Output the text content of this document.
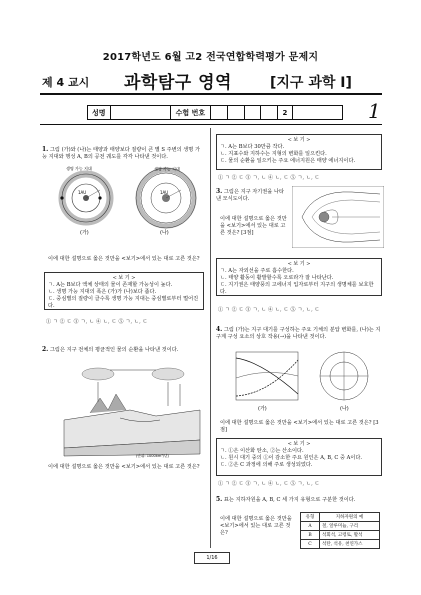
2017학년도 6월 고2 전국연합학력평가 문제지
제 4 교시 과학탐구 영역	[지구 과학 Ⅰ]
성명	수험 번호	2	1
1. 그림 (가)와 (나)는 태양과 태양보다 질량이 큰 별 S 주변의 생명 가능 지대와 행성 A, B의 공전 궤도를 각각 나타낸 것이다.
1AU
생명 가능 지대
(가)
1AU
생명 가능 지대
(나)
이에 대한 설명으로 옳은 것만을 <보기>에서 있는 대로 고른 것은?
< 보 기 >
ㄱ. A는 B보다 액체 상태의 물이 존재할 가능성이 높다.
ㄴ. 생명 가능 지대의 폭은 (가)가 (나)보다 좁다.
ㄷ. 중심별의 질량이 클수록 생명 가능 지대는 중심별로부터 멀어진다.
① ㄱ ② ㄷ ③ ㄱ, ㄴ ④ ㄴ, ㄷ ⑤ ㄱ, ㄴ, ㄷ
2. 그림은 지구 전체의 평균적인 물의 순환을 나타낸 것이다.
(단위: 1000km³/년)
이에 대한 설명으로 옳은 것만을 <보기>에서 있는 대로 고른 것은?
< 보 기 >
ㄱ. A는 B보다 30만큼 작다.
ㄴ. 지표수와 지하수는 지형의 변화를 일으킨다.
ㄷ. 물의 순환을 일으키는 주요 에너지원은 태양 에너지이다.
① ㄱ ② ㄷ ③ ㄱ, ㄴ ④ ㄴ, ㄷ ⑤ ㄱ, ㄴ, ㄷ
3. 그림은 지구 자기권을 나타낸 모식도이다.
이에 대한 설명으로 옳은 것만을 <보기>에서 있는 대로 고른 것은? [3점]
< 보 기 >
ㄱ. A는 자외선을 주로 흡수한다.
ㄴ. 태양 활동이 활발할수록 오로라가 잘 나타난다.
ㄷ. 지기권은 태양풍의 고에너지 입자로부터 지구의 생명체를 보호한다.
① ㄱ ② ㄷ ③ ㄱ, ㄴ ④ ㄴ, ㄷ ⑤ ㄱ, ㄴ, ㄷ
4. 그림 (가)는 지구 대기를 구성하는 주요 기체의 분압 변화를, (나)는 지구계 구성 요소의 상호 작용(→)을 나타낸 것이다.
(가)	(나)
이에 대한 설명으로 옳은 것만을 <보기>에서 있는 대로 고른 것은? [3점]
< 보 기 >
ㄱ. ①은 이산화 탄소, ②는 산소이다.
ㄴ. 원시 대기 중의 ①이 감소한 주요 원인은 A, B, C 중 A이다.
ㄷ. ②은 C 과정에 의해 주로 생성되었다.
① ㄱ ② ㄷ ③ ㄱ, ㄴ ④ ㄴ, ㄷ ⑤ ㄱ, ㄴ, ㄷ
5. 표는 지하자원을 A, B, C 세 가지 유형으로 구분한 것이다.
이에 대한 설명으로 옳은 것만을 <보기>에서 있는 대로 고른 것은?
유형	지하자원의 예
A	철, 알루미늄, 구리
B	석회석, 고령토, 활석
C	석탄, 석유, 천연가스
1/16
